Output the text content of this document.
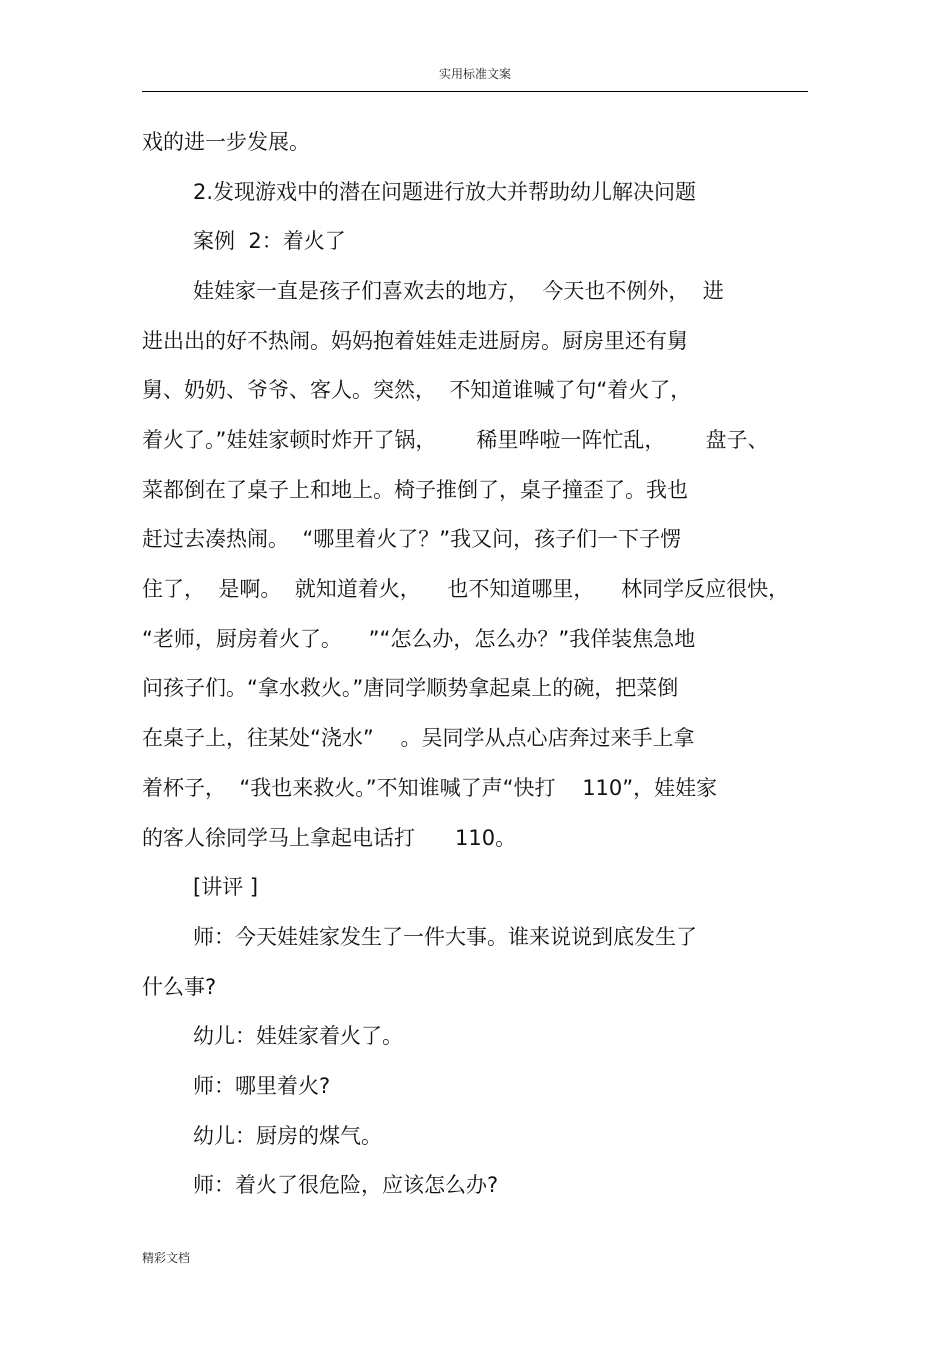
实用标准文案
戏的进一步发展。
2.发现游戏中的潜在问题进行放大并帮助幼儿解决问题
案例  2：着火了
娃娃家一直是孩子们喜欢去的地方，  今天也不例外，  进
进出出的好不热闹。妈妈抱着娃娃走进厨房。厨房里还有舅
舅、奶奶、爷爷、客人。突然，  不知道谁喊了句“着火了，
着火了。”娃娃家顿时炸开了锅，      稀里哗啦一阵忙乱，      盘子、
菜都倒在了桌子上和地上。椅子推倒了，桌子撞歪了。我也
赶过去凑热闹。  “哪里着火了？”我又问，孩子们一下子愣
住了，  是啊。  就知道着火，    也不知道哪里，    林同学反应很快，
“老师，厨房着火了。    ”“怎么办，怎么办？”我佯装焦急地
问孩子们。“拿水救火。”唐同学顺势拿起桌上的碗，把菜倒
在桌子上，往某处“浇水”    。吴同学从点心店奔过来手上拿
着杯子，  “我也来救火。”不知谁喊了声“快打    110”，娃娃家
的客人徐同学马上拿起电话打      110。
[讲评 ]
师：今天娃娃家发生了一件大事。谁来说说到底发生了
什么事?
幼儿：娃娃家着火了。
师：哪里着火?
幼儿：厨房的煤气。
师：着火了很危险，应该怎么办?
精彩文档
